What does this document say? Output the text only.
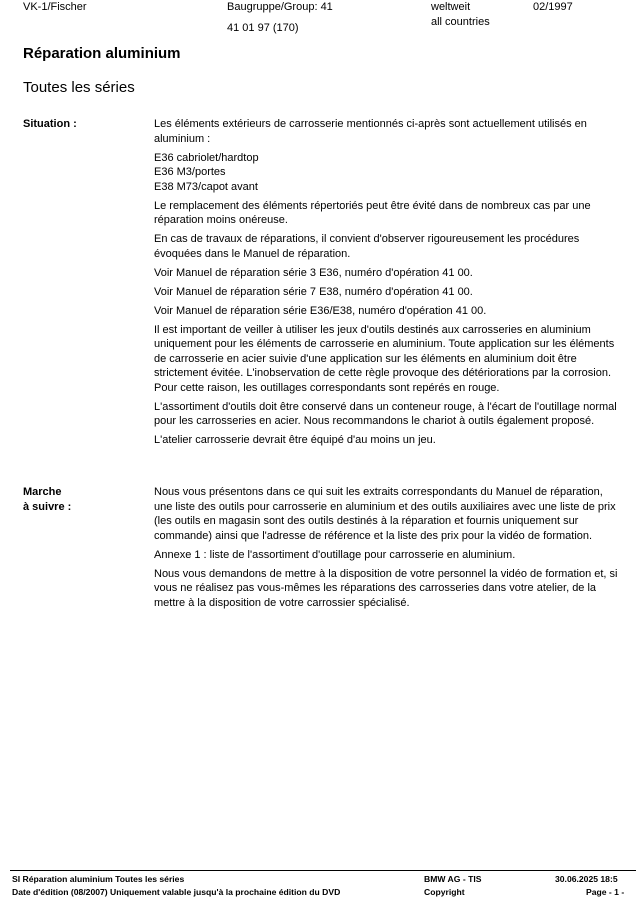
VK-1/Fischer	Baugruppe/Group: 41
41 01 97 (170)
weltweit
all countries
02/1997
Réparation aluminium
Toutes les séries
Situation :	Les éléments extérieurs de carrosserie mentionnés ci-après sont actuellement utilisés en aluminium :

E36 cabriolet/hardtop
E36 M3/portes
E38 M73/capot avant

Le remplacement des éléments répertoriés peut être évité dans de nombreux cas par une réparation moins onéreuse.

En cas de travaux de réparations, il convient d'observer rigoureusement les procédures évoquées dans le Manuel de réparation.

Voir Manuel de réparation série 3 E36, numéro d'opération 41 00.

Voir Manuel de réparation série 7 E38, numéro d'opération 41 00.

Voir Manuel de réparation série E36/E38, numéro d'opération 41 00.

Il est important de veiller à utiliser les jeux d'outils destinés aux carrosseries en aluminium uniquement pour les éléments de carrosserie en aluminium. Toute application sur les éléments de carrosserie en acier suivie d'une application sur les éléments en aluminium doit être strictement évitée. L'inobservation de cette règle provoque des détériorations par la corrosion. Pour cette raison, les outillages correspondants sont repérés en rouge.

L'assortiment d'outils doit être conservé dans un conteneur rouge, à l'écart de l'outillage normal pour les carrosseries en acier. Nous recommandons le chariot à outils également proposé.

L'atelier carrosserie devrait être équipé d'au moins un jeu.

Marche
à suivre :

Nous vous présentons dans ce qui suit les extraits correspondants du Manuel de réparation, une liste des outils pour carrosserie en aluminium et des outils auxiliaires avec une liste de prix (les outils en magasin sont des outils destinés à la réparation et fournis uniquement sur commande) ainsi que l'adresse de référence et la liste des prix pour la vidéo de formation.

Annexe 1 : liste de l'assortiment d'outillage pour carrosserie en aluminium.

Nous vous demandons de mettre à la disposition de votre personnel la vidéo de formation et, si vous ne réalisez pas vous-mêmes les réparations des carrosseries dans votre atelier, de la mettre à la disposition de votre carrossier spécialisé.

SI Réparation aluminium Toutes les séries
Date d'édition (08/2007) Uniquement valable jusqu'à la prochaine édition du DVD
BMW AG - TIS
Copyright
30.06.2025 18:5
Page - 1 -
